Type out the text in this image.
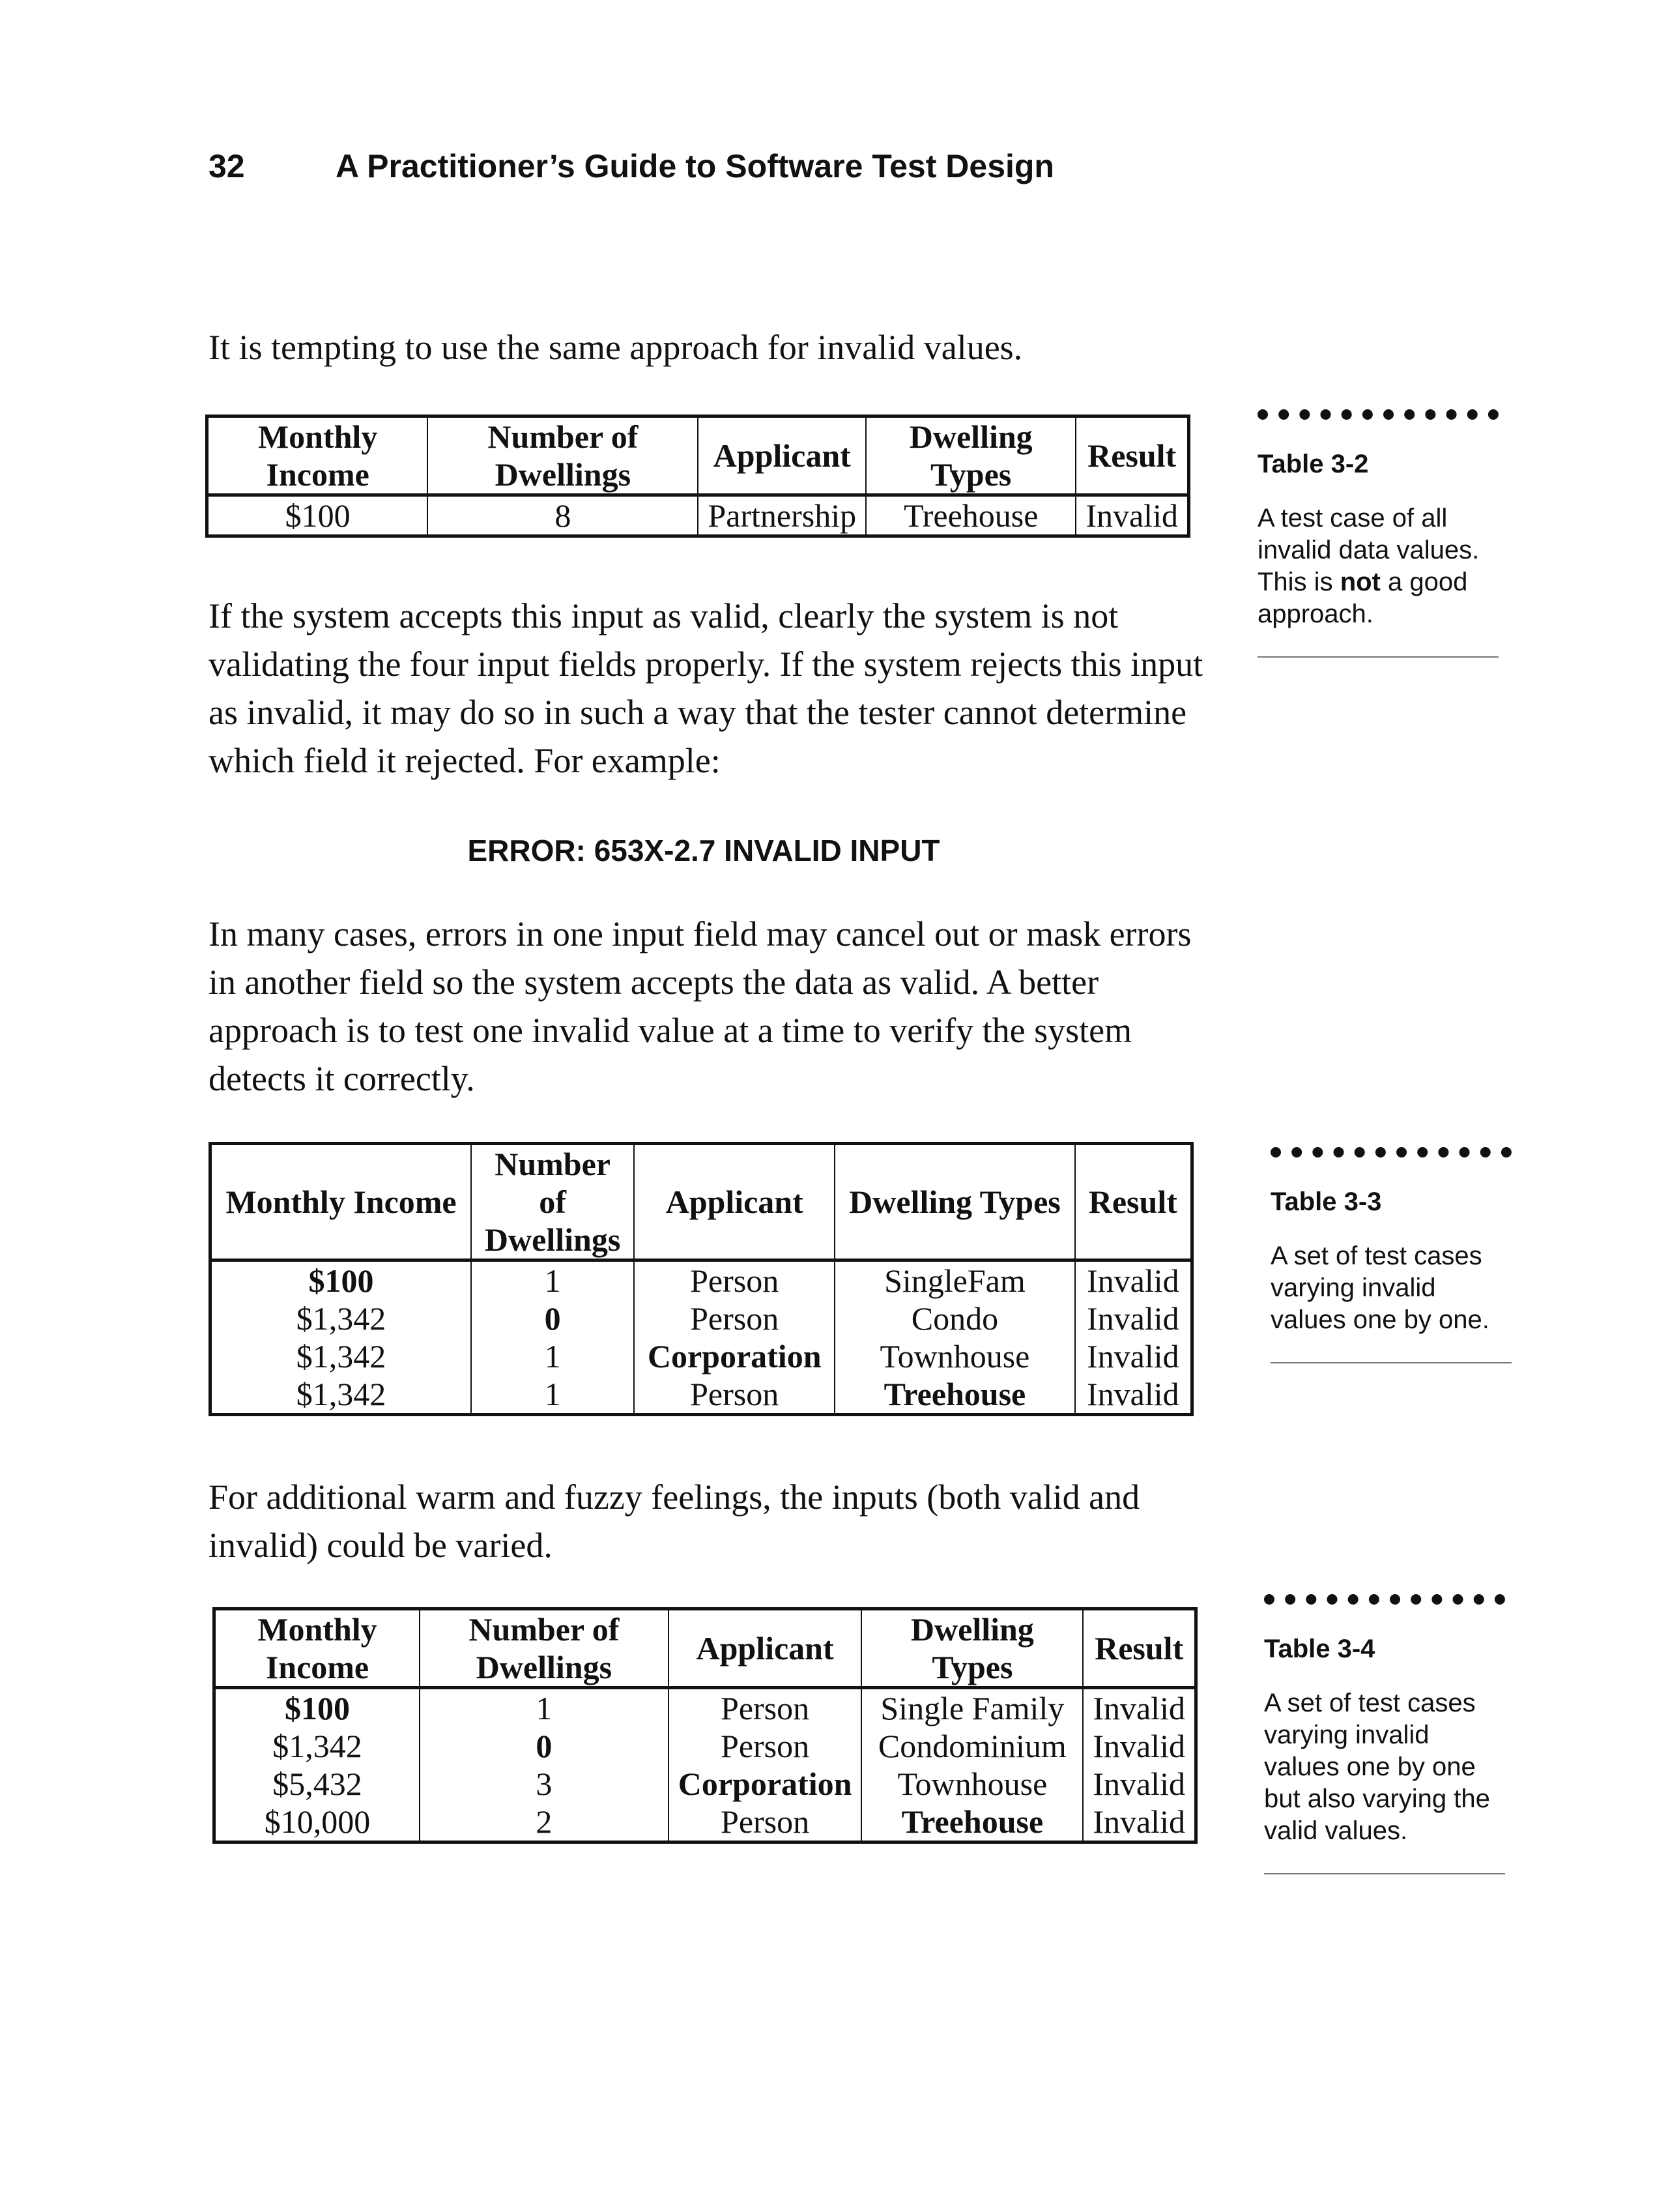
32	A Practitioner’s Guide to Software Test Design

It is tempting to use the same approach for invalid values.

Monthly Income	Number of Dwellings	Applicant	Dwelling Types	Result
$100	8	Partnership	Treehouse	Invalid
Table 3-2
A test case of all invalid data values. This is not a good approach.

If the system accepts this input as valid, clearly the system is not validating the four input fields properly. If the system rejects this input as invalid, it may do so in such a way that the tester cannot determine which field it rejected. For example:

ERROR: 653X-2.7 INVALID INPUT

In many cases, errors in one input field may cancel out or mask errors in another field so the system accepts the data as valid. A better approach is to test one invalid value at a time to verify the system detects it correctly.

Monthly Income	Number of Dwellings	Applicant	Dwelling Types	Result
$100	1	Person	SingleFam	Invalid
$1,342	0	Person	Condo	Invalid
$1,342	1	Corporation	Townhouse	Invalid
$1,342	1	Person	Treehouse	Invalid
Table 3-3
A set of test cases varying invalid values one by one.

For additional warm and fuzzy feelings, the inputs (both valid and invalid) could be varied.

Monthly Income	Number of Dwellings	Applicant	Dwelling Types	Result
$100	1	Person	Single Family	Invalid
$1,342	0	Person	Condominium	Invalid
$5,432	3	Corporation	Townhouse	Invalid
$10,000	2	Person	Treehouse	Invalid
Table 3-4
A set of test cases varying invalid values one by one but also varying the valid values.
